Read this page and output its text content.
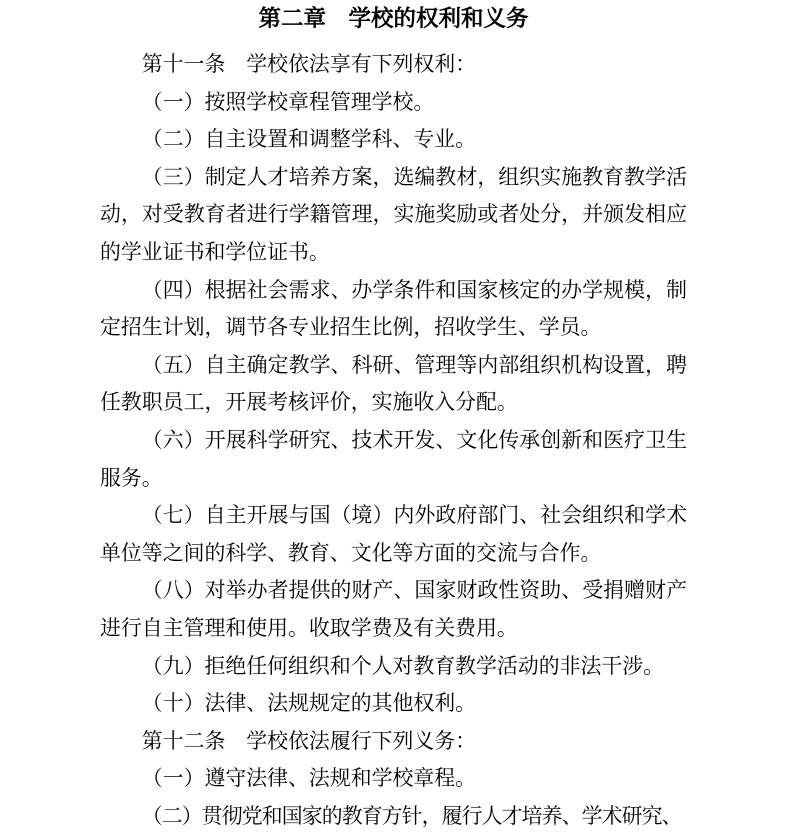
第二章　学校的权利和义务

第十一条　学校依法享有下列权利：

（一）按照学校章程管理学校。

（二）自主设置和调整学科、专业。

（三）制定人才培养方案，选编教材，组织实施教育教学活动，对受教育者进行学籍管理，实施奖励或者处分，并颁发相应的学业证书和学位证书。

（四）根据社会需求、办学条件和国家核定的办学规模，制定招生计划，调节各专业招生比例，招收学生、学员。

（五）自主确定教学、科研、管理等内部组织机构设置，聘任教职员工，开展考核评价，实施收入分配。

（六）开展科学研究、技术开发、文化传承创新和医疗卫生服务。

（七）自主开展与国（境）内外政府部门、社会组织和学术单位等之间的科学、教育、文化等方面的交流与合作。

（八）对举办者提供的财产、国家财政性资助、受捐赠财产进行自主管理和使用。收取学费及有关费用。

（九）拒绝任何组织和个人对教育教学活动的非法干涉。

（十）法律、法规规定的其他权利。

第十二条　学校依法履行下列义务：

（一）遵守法律、法规和学校章程。

（二）贯彻党和国家的教育方针，履行人才培养、学术研究、
